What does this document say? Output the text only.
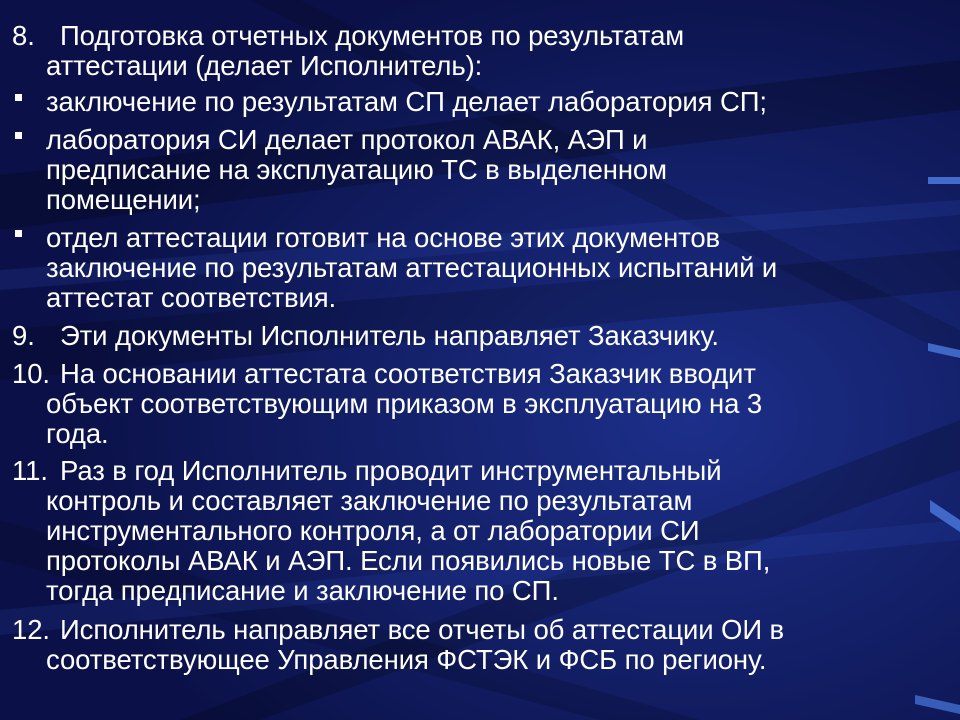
8. Подготовка отчетных документов по результатам
аттестации (делает Исполнитель):
заключение по результатам СП делает лаборатория СП;
лаборатория СИ делает протокол АВАК, АЭП и
предписание на эксплуатацию ТС в выделенном
помещении;
отдел аттестации готовит на основе этих документов
заключение по результатам аттестационных испытаний и
аттестат соответствия.
9. Эти документы Исполнитель направляет Заказчику.
10. На основании аттестата соответствия Заказчик вводит
объект соответствующим приказом в эксплуатацию на 3
года.
11. Раз в год Исполнитель проводит инструментальный
контроль и составляет заключение по результатам
инструментального контроля, а от лаборатории СИ
протоколы АВАК и АЭП. Если появились новые ТС в ВП,
тогда предписание и заключение по СП.
12. Исполнитель направляет все отчеты об аттестации ОИ в
соответствующее Управления ФСТЭК и ФСБ по региону.
